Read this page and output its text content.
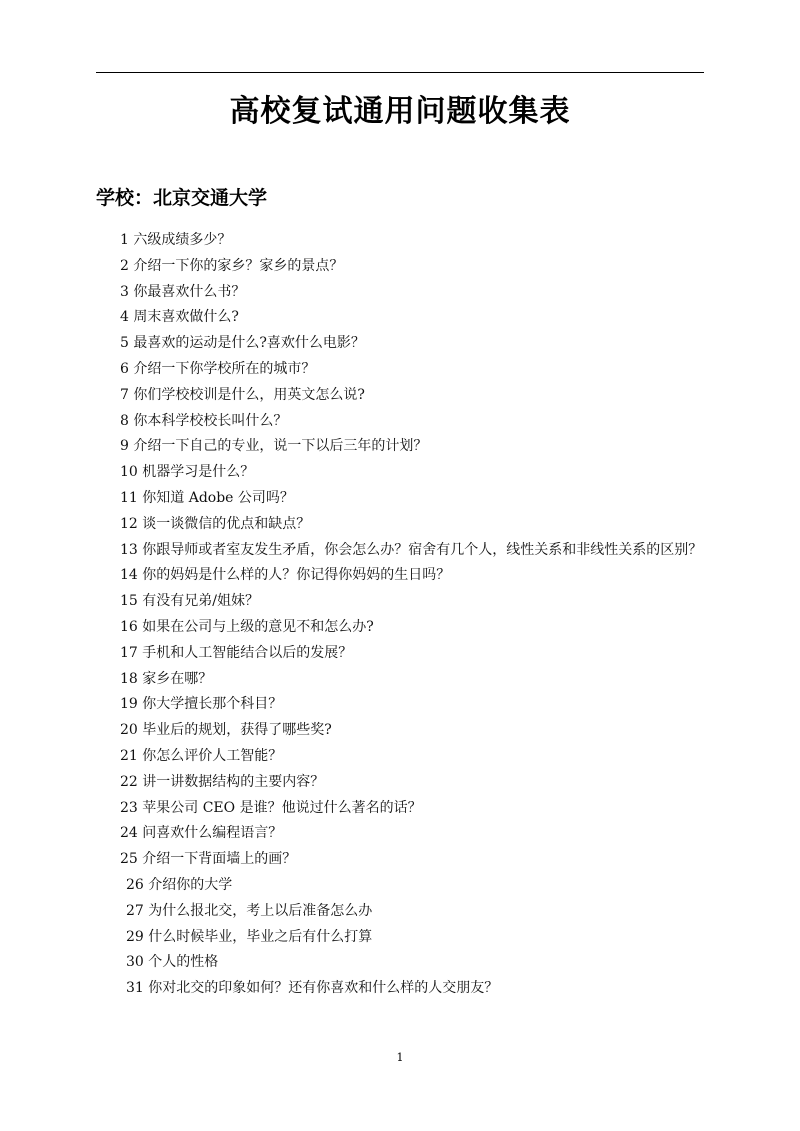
高校复试通用问题收集表
学校：北京交通大学
1 六级成绩多少？
2 介绍一下你的家乡？家乡的景点？
3 你最喜欢什么书？
4 周末喜欢做什么?
5 最喜欢的运动是什么?喜欢什么电影？
6 介绍一下你学校所在的城市？
7 你们学校校训是什么，用英文怎么说?
8 你本科学校校长叫什么？
9 介绍一下自己的专业，说一下以后三年的计划？
10 机器学习是什么？
11 你知道 Adobe 公司吗？
12 谈一谈微信的优点和缺点？
13 你跟导师或者室友发生矛盾，你会怎么办？宿舍有几个人，线性关系和非线性关系的区别？
14 你的妈妈是什么样的人？你记得你妈妈的生日吗？
15 有没有兄弟/姐妹？
16 如果在公司与上级的意见不和怎么办?
17 手机和人工智能结合以后的发展？
18 家乡在哪？
19 你大学擅长那个科目？
20 毕业后的规划，获得了哪些奖?
21 你怎么评价人工智能？
22 讲一讲数据结构的主要内容？
23 苹果公司 CEO 是谁？他说过什么著名的话？
24 问喜欢什么编程语言？
25 介绍一下背面墙上的画？
26 介绍你的大学
27 为什么报北交，考上以后准备怎么办
29 什么时候毕业，毕业之后有什么打算
30 个人的性格
31 你对北交的印象如何？还有你喜欢和什么样的人交朋友？
1
